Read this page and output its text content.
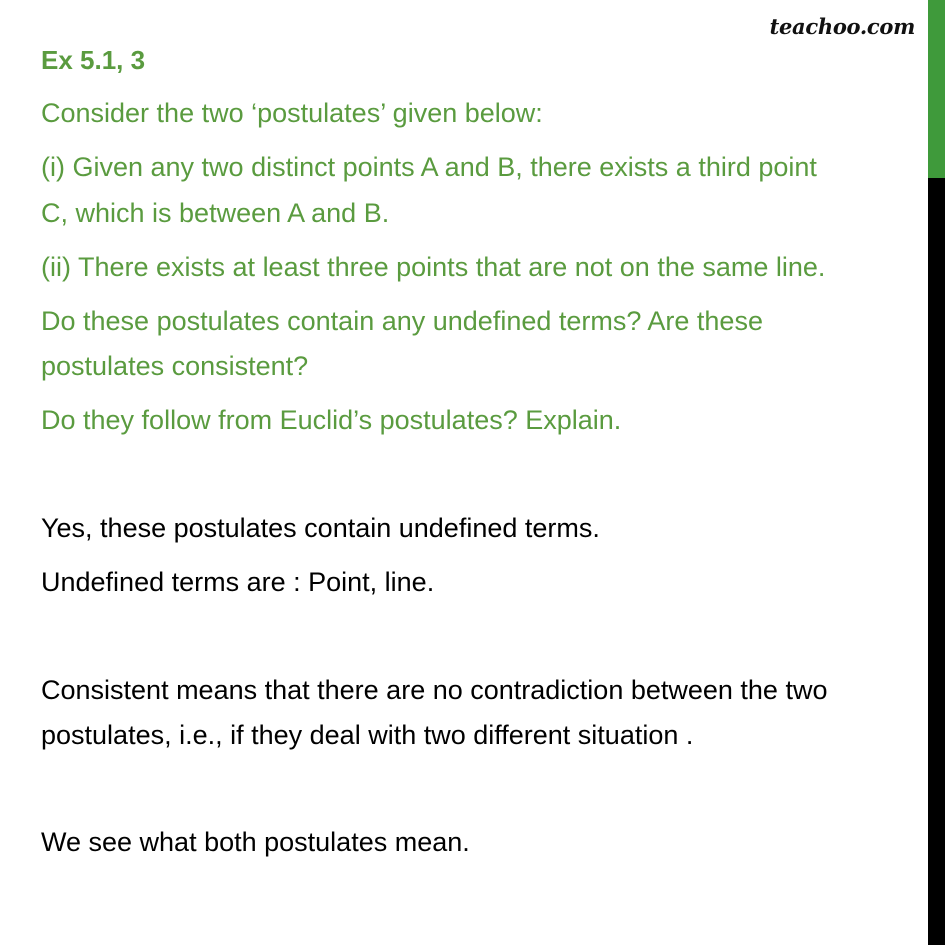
teachoo.com

Ex 5.1, 3

Consider the two ‘postulates’ given below:

(i) Given any two distinct points A and B, there exists a third point

C, which is between A and B.

(ii) There exists at least three points that are not on the same line.

Do these postulates contain any undefined terms? Are these

postulates consistent?

Do they follow from Euclid’s postulates? Explain.

Yes, these postulates contain undefined terms.

Undefined terms are : Point, line.

Consistent means that there are no contradiction between the two

postulates, i.e., if they deal with two different situation .

We see what both postulates mean.
